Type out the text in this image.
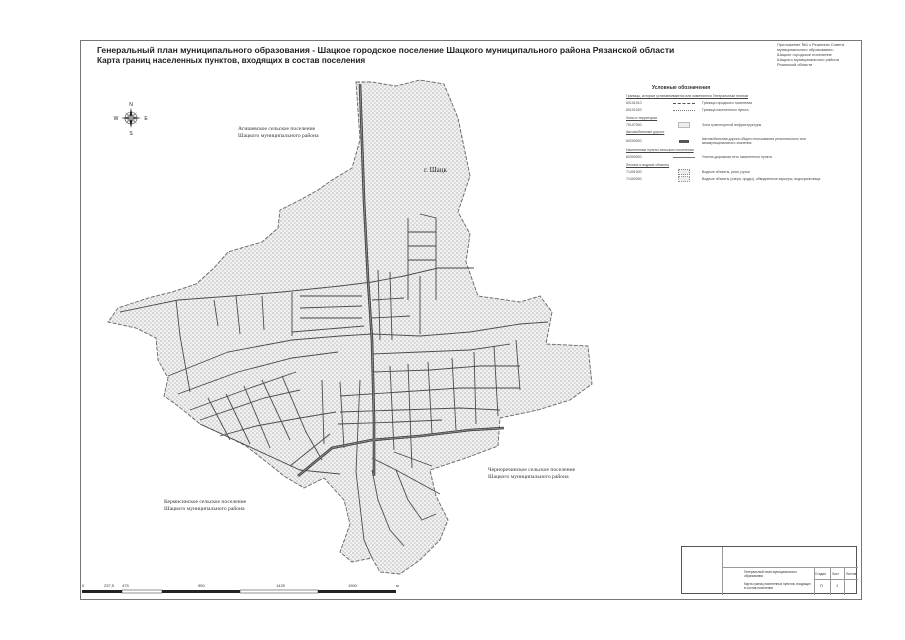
Генеральный план муниципального образования - Шацкое городское поселение Шацкого муниципального района Рязанской области
Карта границ населенных пунктов, входящих в состав поселения
Приложение №1 к Решению Совета
муниципального образования -
Шацкое городское поселение
Шацкого муниципального района
Рязанской области
N
S
W	E
Агишевское сельское поселение
Шацкого муниципального района
Кермисинское сельское поселение
Шацкого муниципального района
Черноречинское сельское поселение
Шацкого муниципального района
г. Шацк
Условные обозначения
Границы, которые устанавливаются или изменяются Генеральным планом
60101010	Граница городского поселения
60101020	Граница населенного пункта
Зоны и территории
70107000	Зона транспортной инфраструктуры
Автомобильные дороги
60200000
Автомобильная дорога общего пользования регионального или межмуниципального значения
Населенные пункты сельского поселения
60300000	Улично-дорожная сеть населенного пункта
Лесные и водные объекты
71401000	Водные объекты, реки, ручьи
71402000	Водные объекты (озера, пруды), обводненные карьеры, водохранилища
0	237,5 475	950	1425	1900	м
Генеральный план муниципального образования
Карта границ населенных пунктов, входящих в состав поселения
Стадия Лист Листов
П	1
